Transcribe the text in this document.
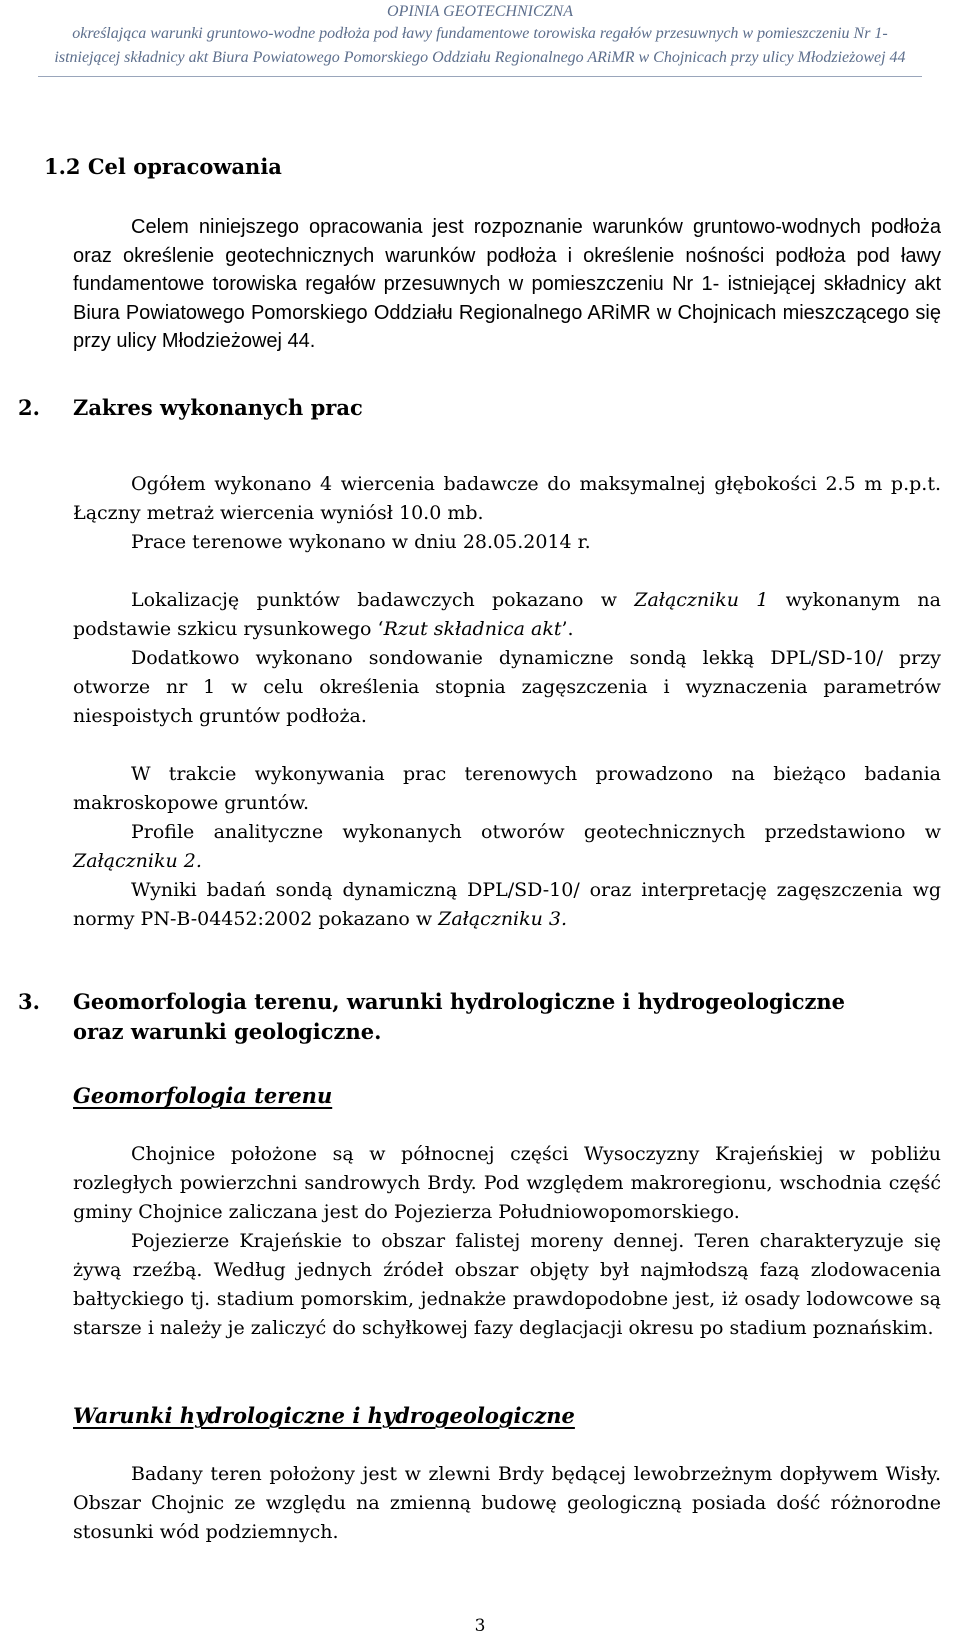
OPINIA GEOTECHNICZNA
określająca warunki gruntowo-wodne podłoża pod ławy fundamentowe torowiska regałów przesuwnych w pomieszczeniu Nr 1- istniejącej składnicy akt Biura Powiatowego Pomorskiego Oddziału Regionalnego ARiMR w Chojnicach przy ulicy Młodzieżowej 44
1.2 Cel opracowania
Celem niniejszego opracowania jest rozpoznanie warunków gruntowo-wodnych podłoża oraz określenie geotechnicznych warunków podłoża i określenie nośności podłoża pod ławy fundamentowe torowiska regałów przesuwnych w pomieszczeniu Nr 1- istniejącej składnicy akt Biura Powiatowego Pomorskiego Oddziału Regionalnego ARiMR w Chojnicach mieszczącego się przy ulicy Młodzieżowej 44.
2. Zakres wykonanych prac
Ogółem wykonano 4 wiercenia badawcze do maksymalnej głębokości 2.5 m p.p.t. Łączny metraż wiercenia wyniósł 10.0 mb.
Prace terenowe wykonano w dniu 28.05.2014 r.
Lokalizację punktów badawczych pokazano w Załączniku 1 wykonanym na podstawie szkicu rysunkowego ‘Rzut składnica akt’.
Dodatkowo wykonano sondowanie dynamiczne sondą lekką DPL/SD-10/ przy otworze nr 1 w celu określenia stopnia zagęszczenia i wyznaczenia parametrów niespoistych gruntów podłoża.
W trakcie wykonywania prac terenowych prowadzono na bieżąco badania makroskopowe gruntów.
Profile analityczne wykonanych otworów geotechnicznych przedstawiono w Załączniku 2.
Wyniki badań sondą dynamiczną DPL/SD-10/ oraz interpretację zagęszczenia wg normy PN-B-04452:2002 pokazano w Załączniku 3.
3. Geomorfologia terenu, warunki hydrologiczne i hydrogeologiczne oraz warunki geologiczne.
Geomorfologia terenu
Chojnice położone są w północnej części Wysoczyzny Krajeńskiej w pobliżu rozległych powierzchni sandrowych Brdy. Pod względem makroregionu, wschodnia część gminy Chojnice zaliczana jest do Pojezierza Południowopomorskiego.
Pojezierze Krajeńskie to obszar falistej moreny dennej. Teren charakteryzuje się żywą rzeźbą. Według jednych źródeł obszar objęty był najmłodszą fazą zlodowacenia bałtyckiego tj. stadium pomorskim, jednakże prawdopodobne jest, iż osady lodowcowe są starsze i należy je zaliczyć do schyłkowej fazy deglacjacji okresu po stadium poznańskim.
Warunki hydrologiczne i hydrogeologiczne
Badany teren położony jest w zlewni Brdy będącej lewobrzeżnym dopływem Wisły. Obszar Chojnic ze względu na zmienną budowę geologiczną posiada dość różnorodne stosunki wód podziemnych.
3
